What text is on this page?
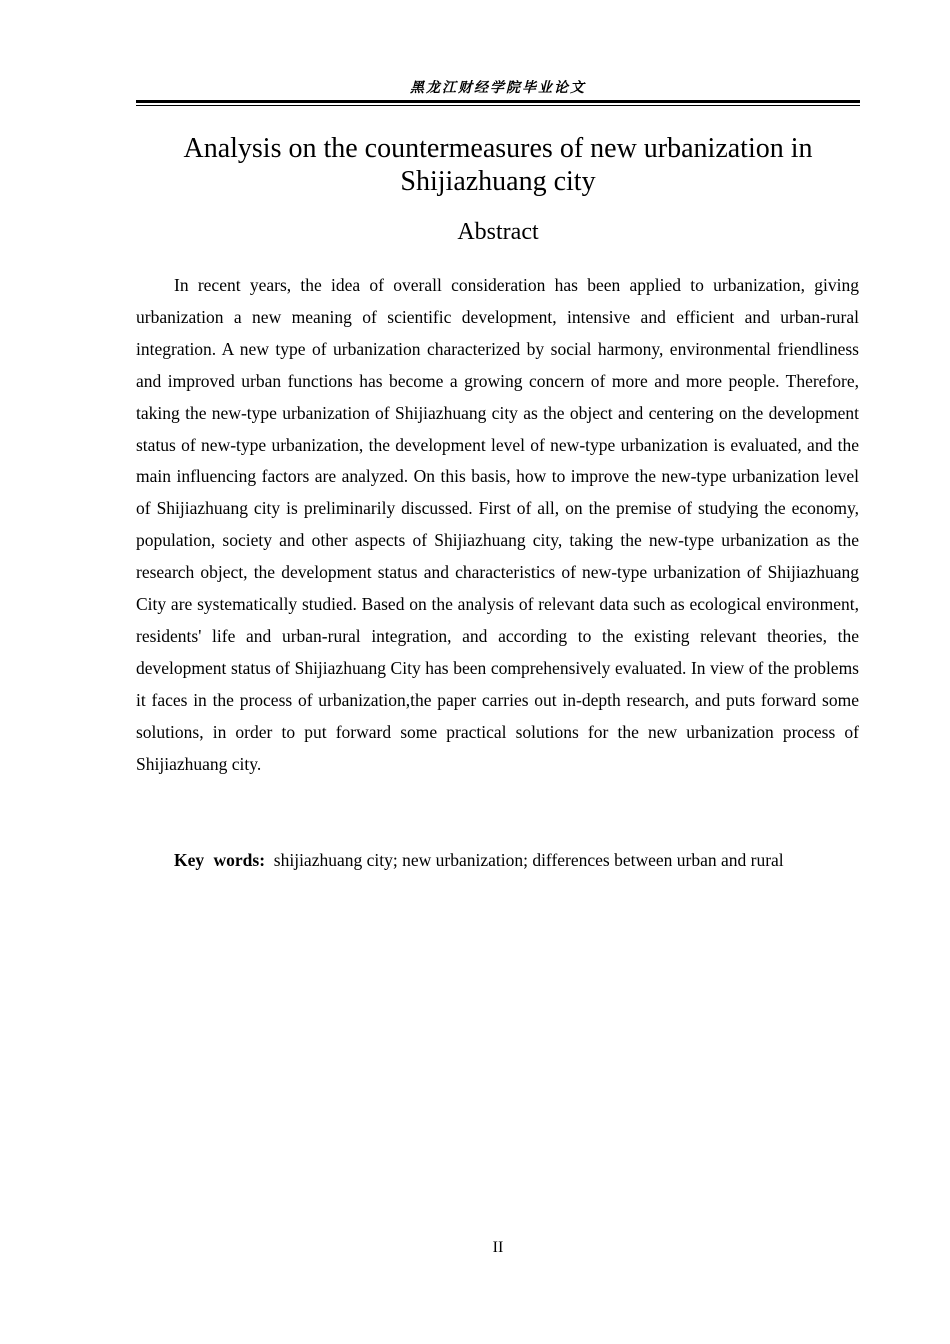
黑龙江财经学院毕业论文
Analysis on the countermeasures of new urbanization in
Shijiazhuang city
Abstract

In recent years, the idea of overall consideration has been applied to urbanization, giving urbanization a new meaning of scientific development, intensive and efficient and urban-rural integration. A new type of urbanization characterized by social harmony, environmental friendliness and improved urban functions has become a growing concern of more and more people. Therefore, taking the new-type urbanization of Shijiazhuang city as the object and centering on the development status of new-type urbanization, the development level of new-type urbanization is evaluated, and the main influencing factors are analyzed. On this basis, how to improve the new-type urbanization level of Shijiazhuang city is preliminarily discussed. First of all, on the premise of studying the economy, population, society and other aspects of Shijiazhuang city, taking the new-type urbanization as the research object, the development status and characteristics of new-type urbanization of Shijiazhuang City are systematically studied. Based on the analysis of relevant data such as ecological environment, residents' life and urban-rural integration, and according to the existing relevant theories, the development status of Shijiazhuang City has been comprehensively evaluated. In view of the problems it faces in the process of urbanization,the paper carries out in-depth research, and puts forward some solutions, in order to put forward some practical solutions for the new urbanization process of Shijiazhuang city.

Key words: shijiazhuang city; new urbanization; differences between urban and rural

II
